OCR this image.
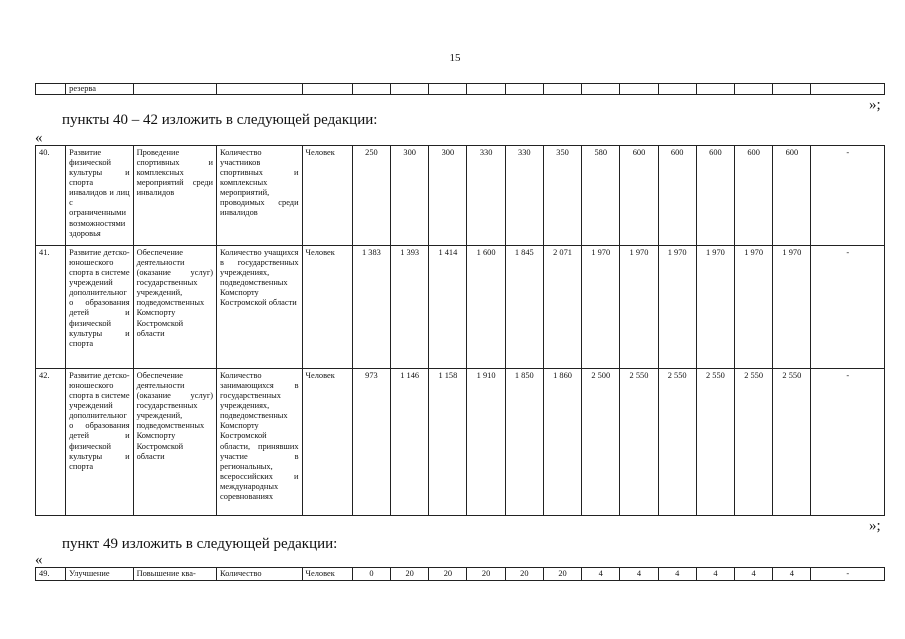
15
	резерва																
»;
пункты 40 – 42 изложить в следующей редакции:
«
40.	Развитие физической культуры и спорта инвалидов и лиц с ограниченными возможностями здоровья	Проведение спортивных и комплексных мероприятий среди инвалидов	Количество участников спортивных и комплексных мероприятий, проводимых среди инвалидов	Человек	250	300	300	330	330	350	580	600	600	600	600	600	-
41.	Развитие детско-юношеского спорта в системе учреждений дополнительного образования детей и физической культуры и спорта	Обеспечение деятельности (оказание услуг) государственных учреждений, подведомственных Комспорту Костромской области	Количество учащихся в государственных учреждениях, подведомственных Комспорту Костромской области	Человек	1 383	1 393	1 414	1 600	1 845	2 071	1 970	1 970	1 970	1 970	1 970	1 970	-
42.	Развитие детско-юношеского спорта в системе учреждений дополнительного образования детей и физической культуры и спорта	Обеспечение деятельности (оказание услуг) государственных учреждений, подведомственных Комспорту Костромской области	Количество занимающихся в государственных учреждениях, подведомственных Комспорту Костромской области, принявших участие в региональных, всероссийских и международных соревнованиях	Человек	973	1 146	1 158	1 910	1 850	1 860	2 500	2 550	2 550	2 550	2 550	2 550	-
»;
пункт 49 изложить в следующей редакции:
«
49.	Улучшение	Повышение ква-	Количество	Человек	0	20	20	20	20	20	4	4	4	4	4	4	-
